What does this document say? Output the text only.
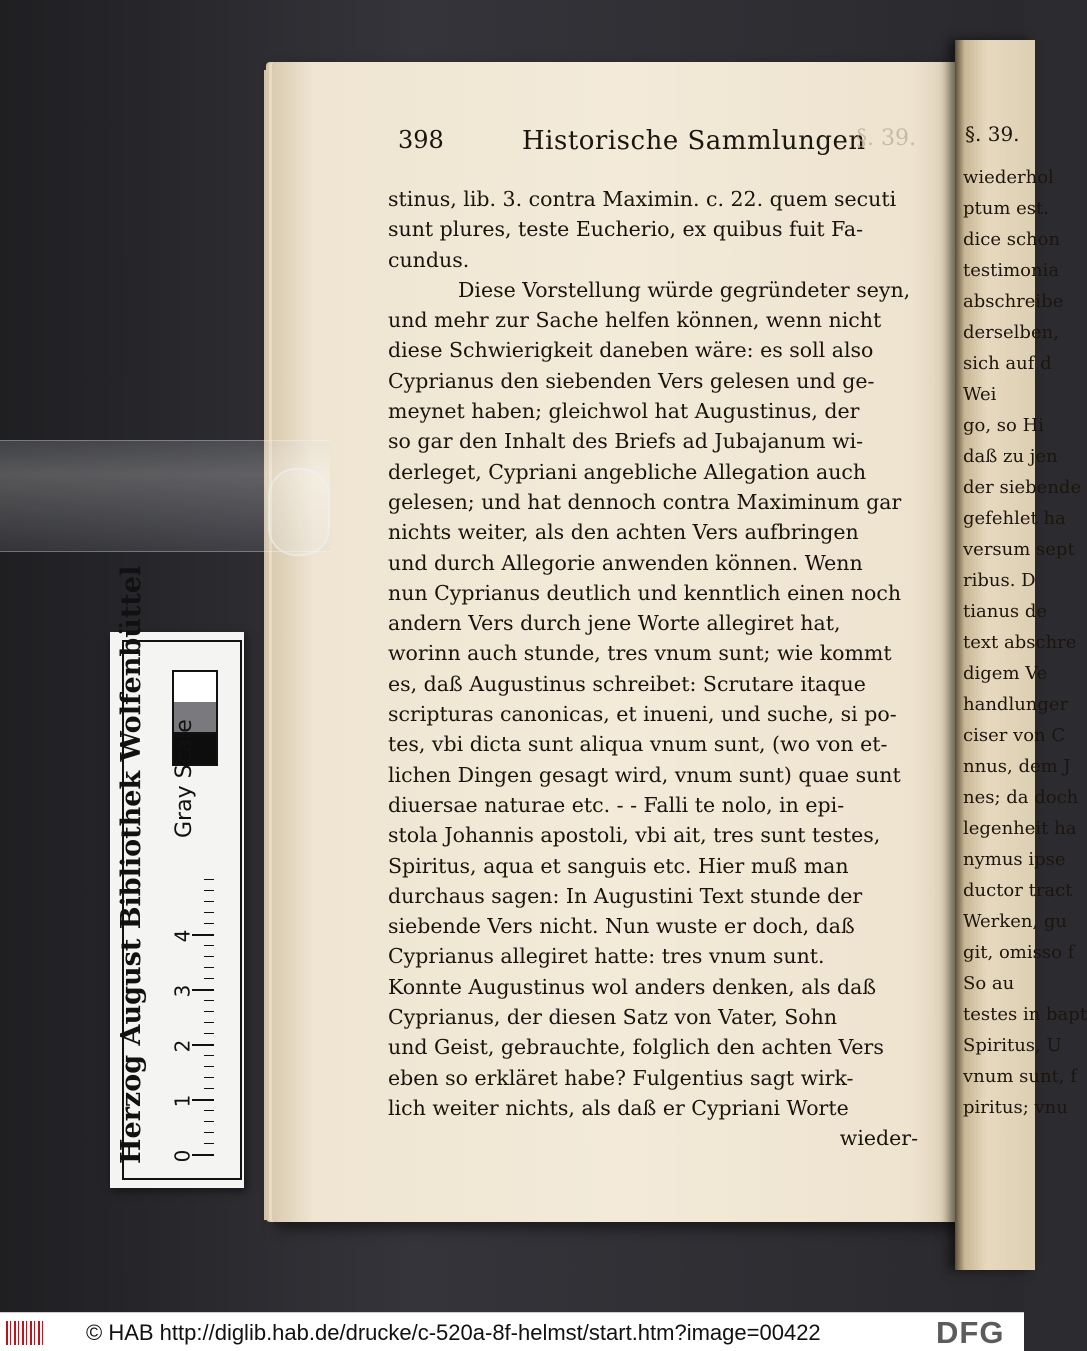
398	Historische Sammlungen
§. 39.
stinus, lib. 3. contra Maximin. c. 22. quem secuti
sunt plures, teste Eucherio, ex quibus fuit Fa-
cundus.
Diese Vorstellung würde gegründeter seyn,
und mehr zur Sache helfen können, wenn nicht
diese Schwierigkeit daneben wäre: es soll also
Cyprianus den siebenden Vers gelesen und ge-
meynet haben; gleichwol hat Augustinus, der
so gar den Inhalt des Briefs ad Jubajanum wi-
derleget, Cypriani angebliche Allegation auch
gelesen; und hat dennoch contra Maximinum gar
nichts weiter, als den achten Vers aufbringen
und durch Allegorie anwenden können. Wenn
nun Cyprianus deutlich und kenntlich einen noch
andern Vers durch jene Worte allegiret hat,
worinn auch stunde, tres vnum sunt; wie kommt
es, daß Augustinus schreibet: Scrutare itaque
scripturas canonicas, et inueni, und suche, si po-
tes, vbi dicta sunt aliqua vnum sunt, (wo von et-
lichen Dingen gesagt wird, vnum sunt) quae sunt
diuersae naturae etc. - - Falli te nolo, in epi-
stola Johannis apostoli, vbi ait, tres sunt testes,
Spiritus, aqua et sanguis etc. Hier muß man
durchaus sagen: In Augustini Text stunde der
siebende Vers nicht. Nun wuste er doch, daß
Cyprianus allegiret hatte: tres vnum sunt.
Konnte Augustinus wol anders denken, als daß
Cyprianus, der diesen Satz von Vater, Sohn
und Geist, gebrauchte, folglich den achten Vers
eben so erkläret habe? Fulgentius sagt wirk-
lich weiter nichts, als daß er Cypriani Worte
wieder-
§. 39.
wiederhol
ptum est.
dice schon
testimonia
abschreibe
derselben,
sich auf d
Wei
go, so Hi
daß zu jen
der siebende
gefehlet ha
versum sept
ribus. D
tianus de
text abschre
digem Ve
handlunger
ciser von C
nnus, dem J
nes; da doch
legenheit ha
nymus ipse
ductor tract
Werken, gu
git, omisso f
So au
testes in bapt
Spiritus, U
vnum sunt, f
piritus; vnu
Herzog August Bibliothek Wolfenbüttel Gray Scale
0
1
2
3
4
© HAB http://diglib.hab.de/drucke/c-520a-8f-helmst/start.htm?image=00422	DFG
